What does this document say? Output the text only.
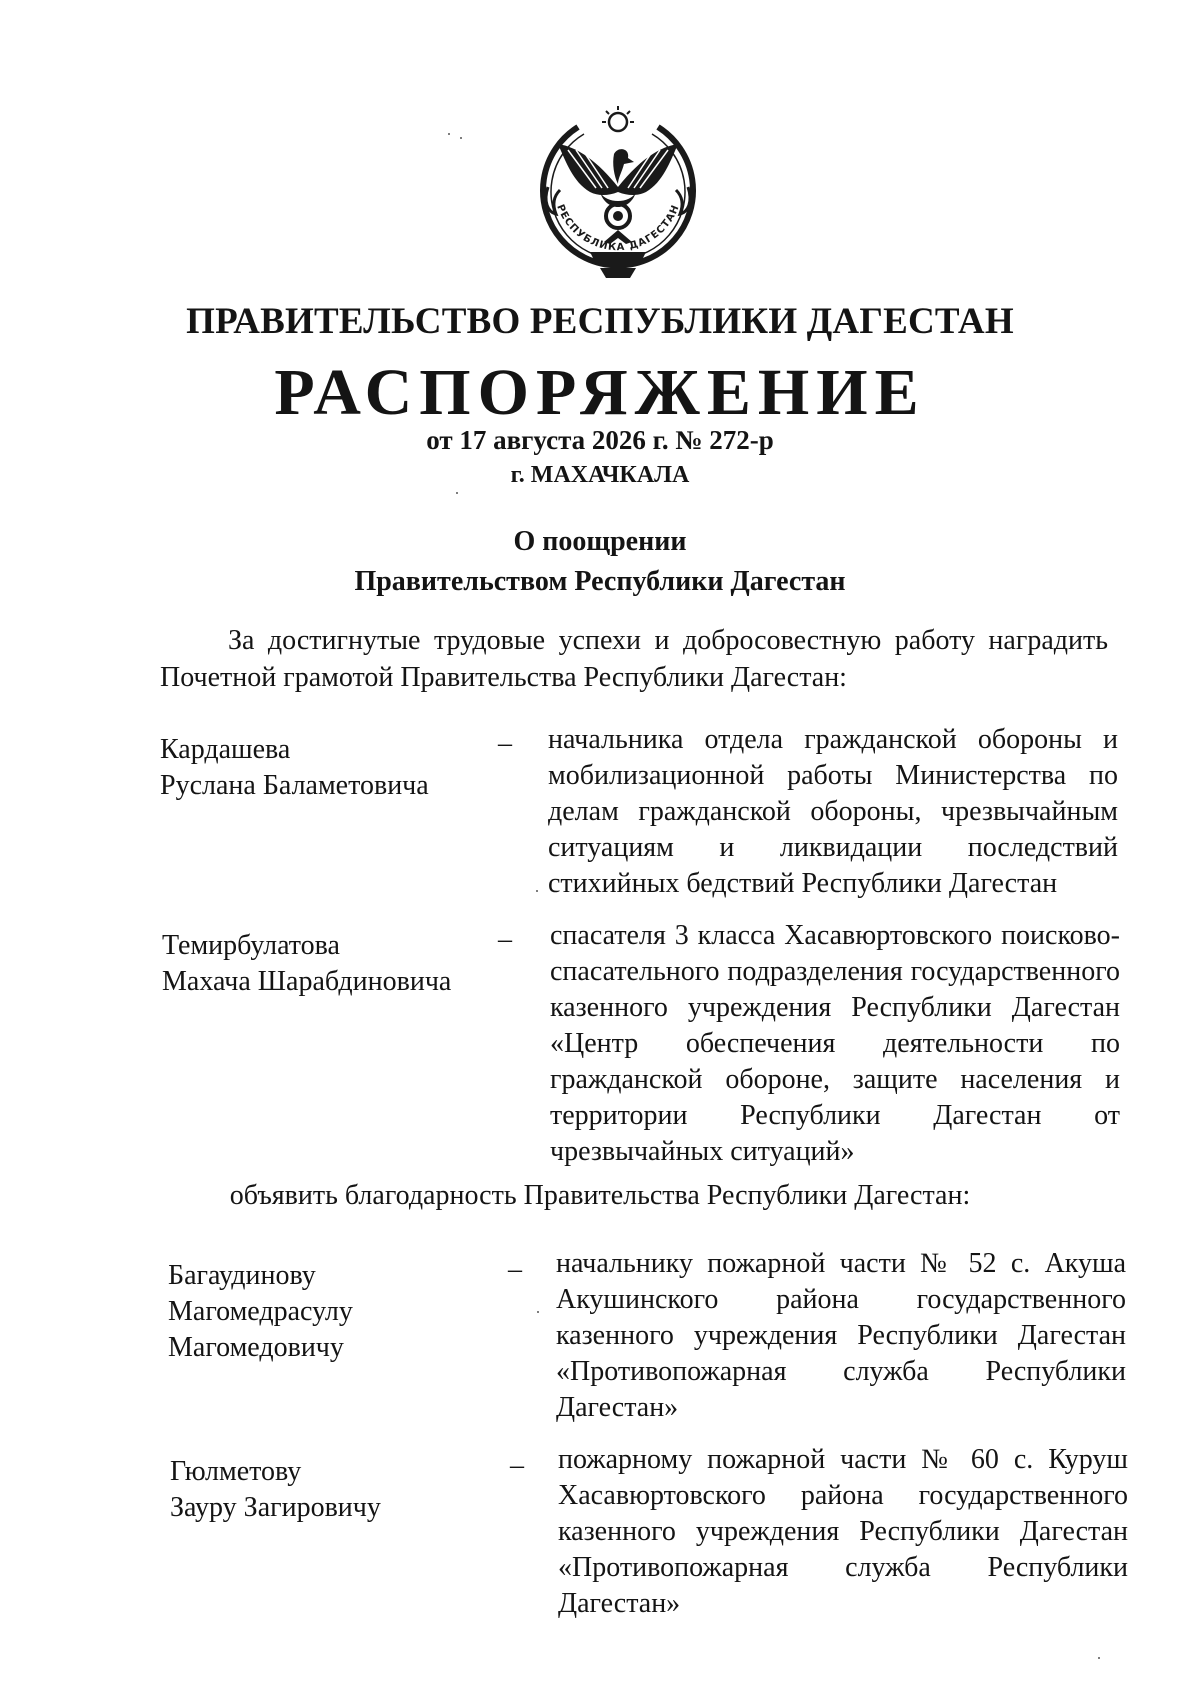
РЕСПУБЛИКА ДАГЕСТАН
ПРАВИТЕЛЬСТВО РЕСПУБЛИКИ ДАГЕСТАН
РАСПОРЯЖЕНИЕ
от 17 августа 2026 г. № 272-р
г. МАХАЧКАЛА
О поощрении
Правительством Республики Дагестан
За достигнутые трудовые успехи и добросовестную работу наградить Почетной грамотой Правительства Республики Дагестан:
Кардашева
Руслана Баламетовича
– начальника отдела гражданской обороны и мобилизационной работы Министерства по делам гражданской обороны, чрезвычайным ситуациям и ликвидации последствий стихийных бедствий Республики Дагестан
Темирбулатова
Махача Шарабдиновича
– спасателя 3 класса Хасавюртовского поисково-спасательного подразделения государственного казенного учреждения Республики Дагестан «Центр обеспечения деятельности по гражданской обороне, защите населения и территории Республики Дагестан от чрезвычайных ситуаций»
объявить благодарность Правительства Республики Дагестан:
Багаудинову
Магомедрасулу
Магомедовичу
– начальнику пожарной части № 52 с. Акуша Акушинского района государственного казенного учреждения Республики Дагестан «Противопожарная служба Республики Дагестан»
Гюлметову
Зауру Загировичу
– пожарному пожарной части № 60 с. Куруш Хасавюртовского района государственного казенного учреждения Республики Дагестан «Противопожарная служба Республики Дагестан»
